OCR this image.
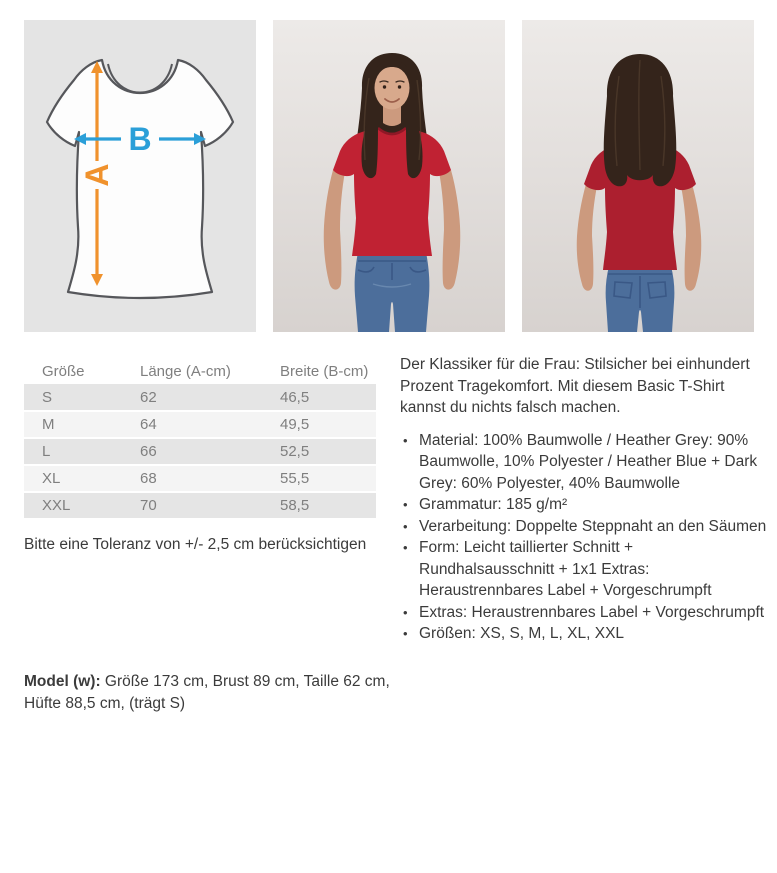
A
B
Größe	Länge (A-cm)	Breite (B-cm)
S	62	46,5
M	64	49,5
L	66	52,5
XL	68	55,5
XXL	70	58,5

Bitte eine Toleranz von +/- 2,5 cm berücksichtigen

Model (w): Größe 173 cm, Brust 89 cm, Taille 62 cm, Hüfte 88,5 cm, (trägt S)

Der Klassiker für die Frau: Stilsicher bei einhundert Prozent Tragekomfort. Mit diesem Basic T-Shirt kannst du nichts falsch machen.

• Material: 100% Baumwolle / Heather Grey: 90% Baumwolle, 10% Polyester / Heather Blue + Dark Grey: 60% Polyester, 40% Baumwolle
• Grammatur: 185 g/m²
• Verarbeitung: Doppelte Steppnaht an den Säumen
• Form: Leicht taillierter Schnitt + Rundhalsausschnitt + 1x1 Extras: Heraustrennbares Label + Vorgeschrumpft
• Extras: Heraustrennbares Label + Vorgeschrumpft
• Größen: XS, S, M, L, XL, XXL
